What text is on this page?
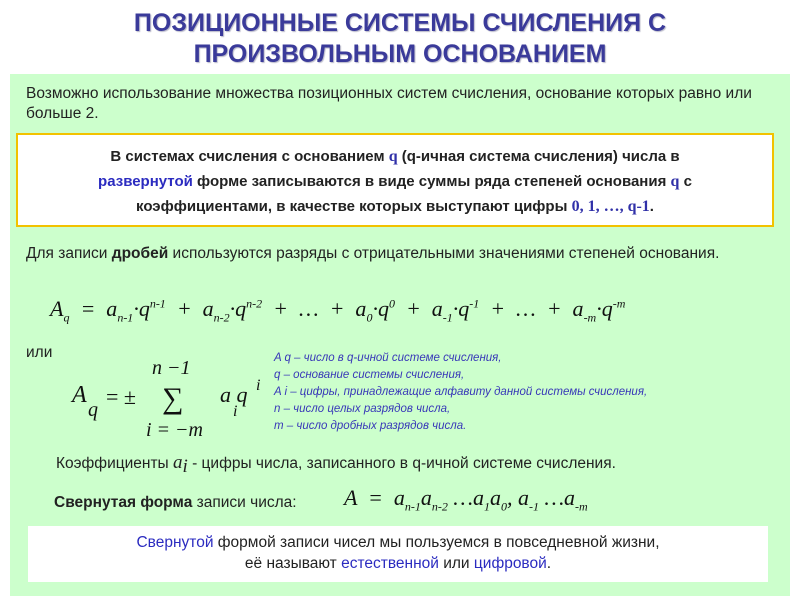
ПОЗИЦИОННЫЕ СИСТЕМЫ СЧИСЛЕНИЯ С
ПРОИЗВОЛЬНЫМ ОСНОВАНИЕМ
Возможно использование множества позиционных систем счисления, основание которых равно или больше 2.
В системах счисления с основанием q (q-ичная система счисления) числа в
развернутой форме записываются в виде суммы ряда степеней основания q с
коэффициентами, в качестве которых выступают цифры 0, 1, …, q-1.
Для записи дробей используются разряды с отрицательными значениями степеней основания.
$A_q = a_{n-1}\cdot q^{n-1} + a_{n-2}\cdot q^{n-2}$  +  …  +  $a_0\cdot q^0 + a_{-1}\cdot q^{-1}$  +  …  +  $a_{-m}\cdot q^{-m}$
или
A
q
= ±
n −1
∑
i = −m
a q
i
i
A q – число в q-ичной системе счисления,
q – основание системы счисления,
A i – цифры, принадлежащие алфавиту данной системы счисления,
n – число целых разрядов числа,
m – число дробных разрядов числа.
Коэффициенты $a_i$ - цифры числа, записанного в q-ичной системе счисления.
Свернутая форма записи числа: $A = a_{n-1}a_{n-2}$ $\dots a_1a_0$, $a_{-1}$ $\dots a_{-m}$
Свернутой формой записи чисел мы пользуемся в повседневной жизни,
её называют естественной или цифровой.
